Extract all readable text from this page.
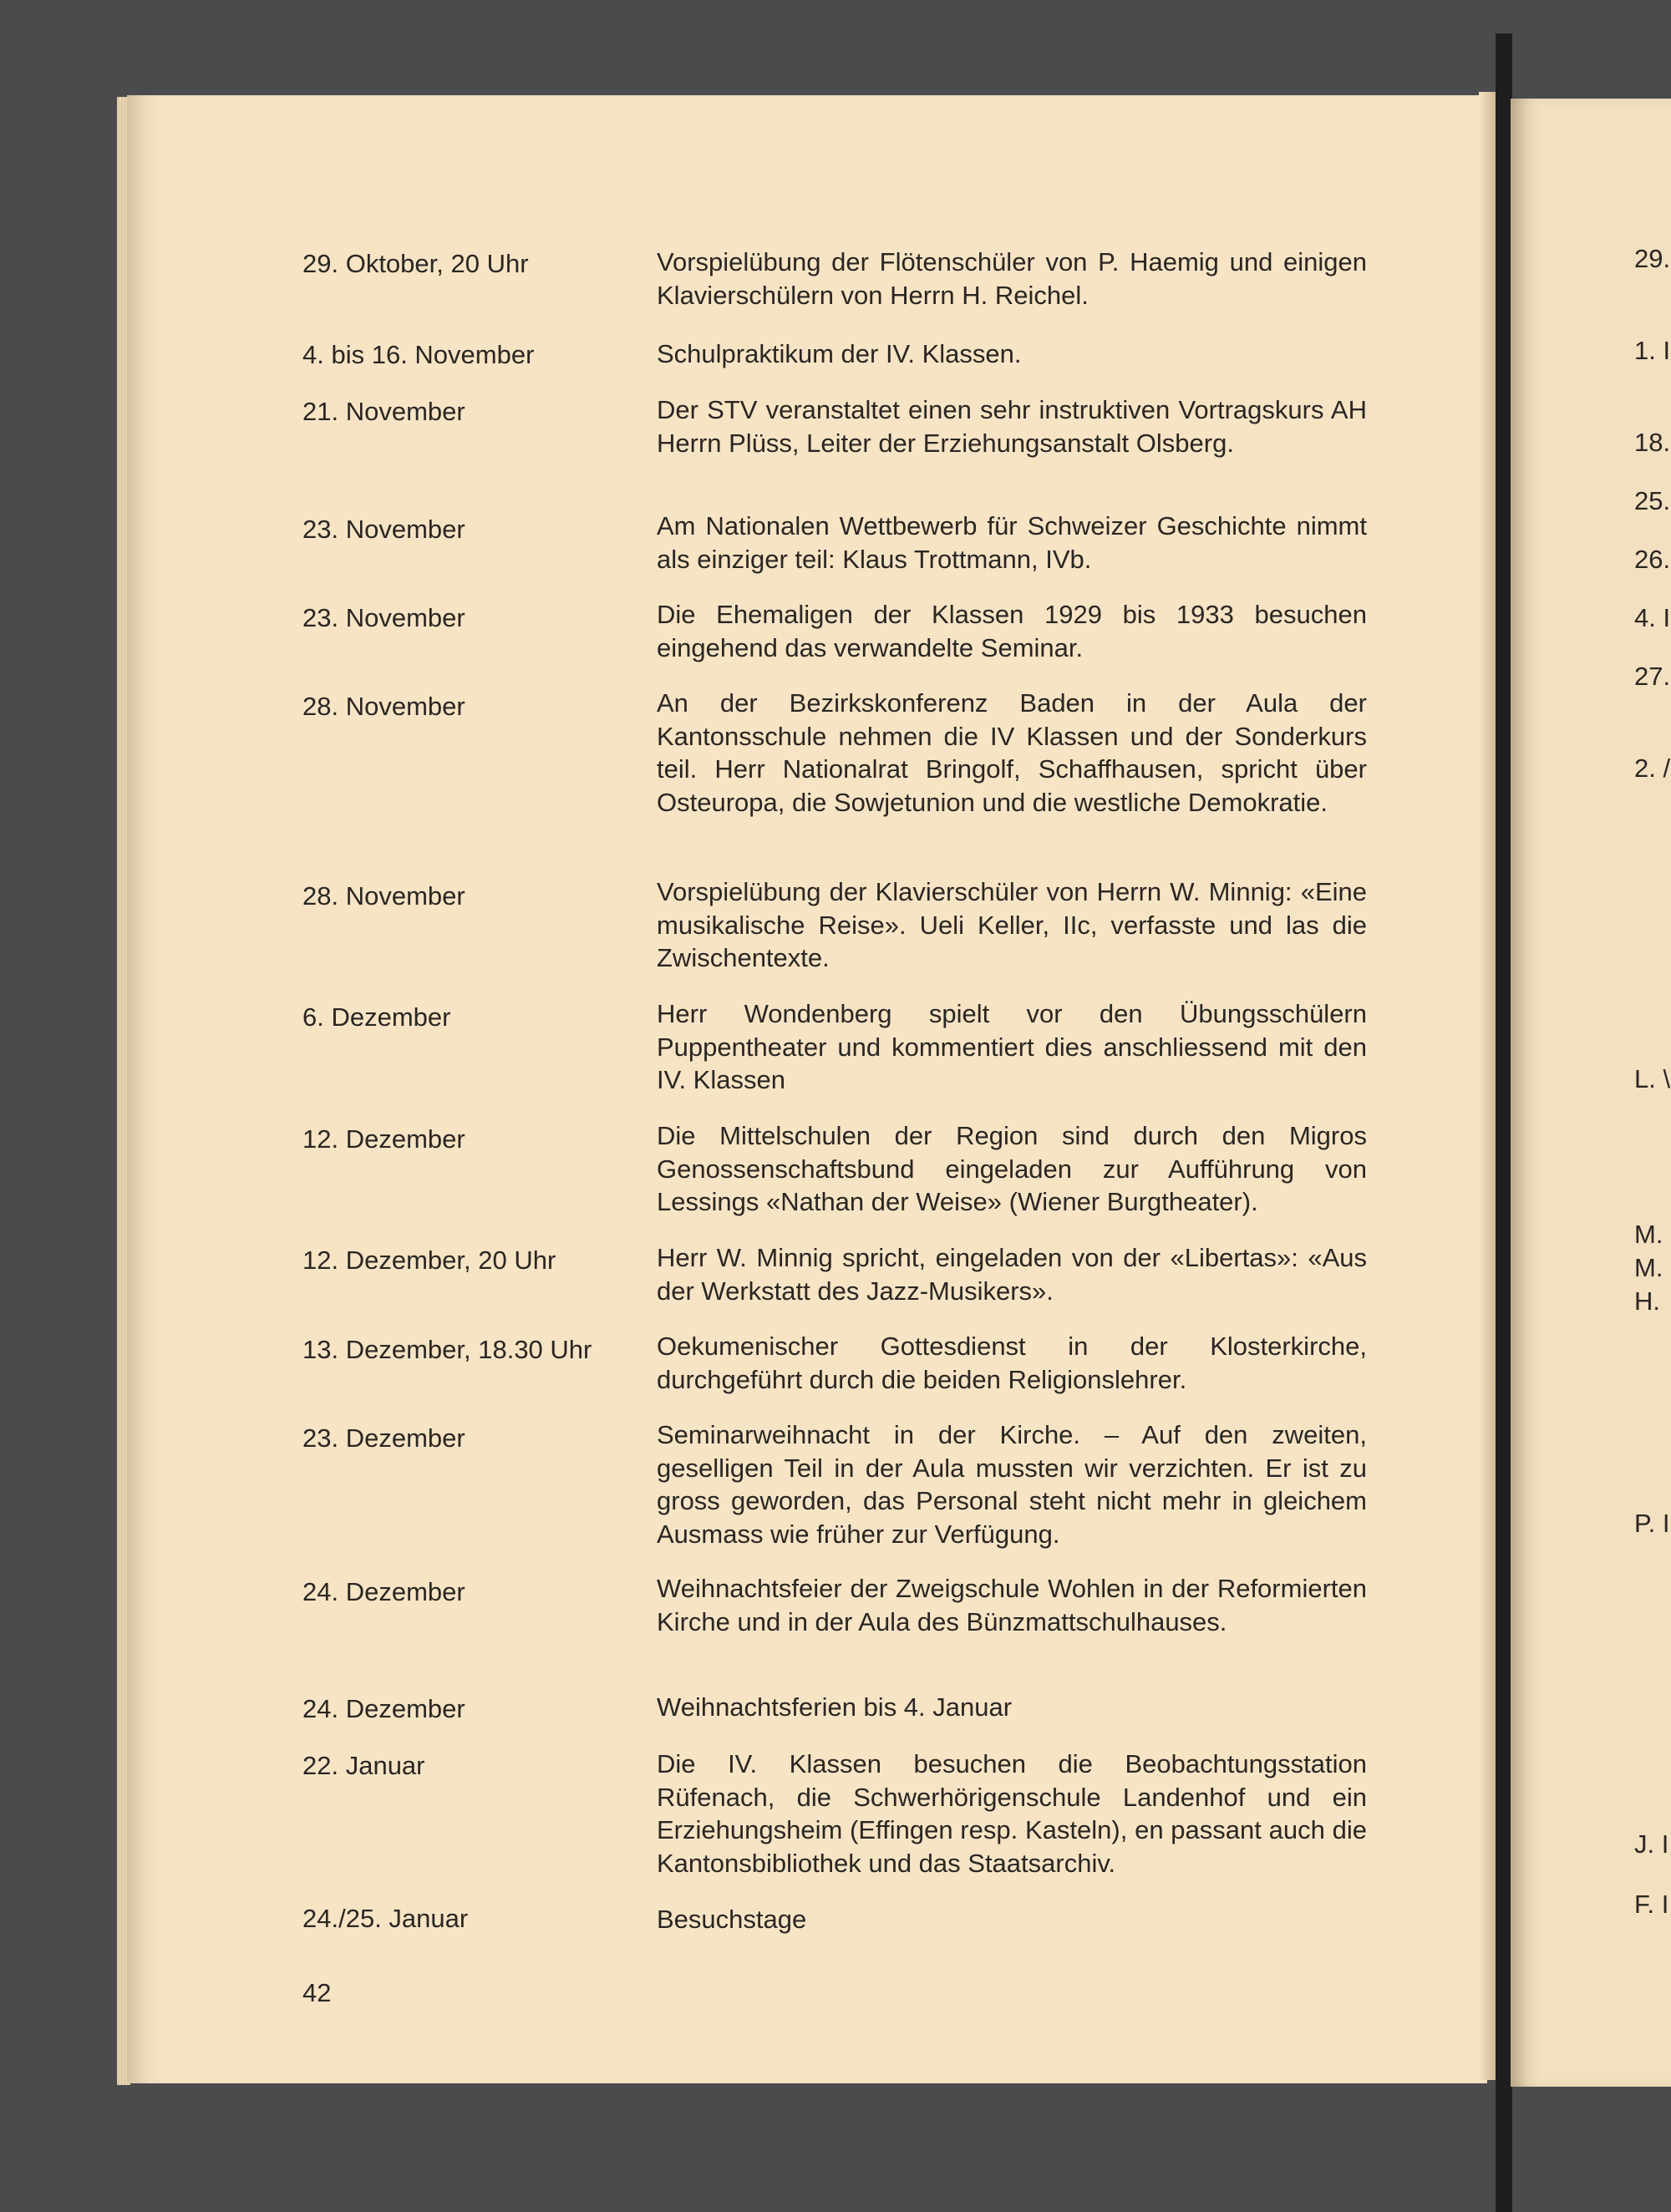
29. Oktober, 20 Uhr	Vorspielübung der Flötenschüler von P. Haemig und einigen Klavierschülern von Herrn H. Reichel.
4. bis 16. November	Schulpraktikum der IV. Klassen.
21. November	Der STV veranstaltet einen sehr instruktiven Vortragskurs AH Herrn Plüss, Leiter der Erziehungsanstalt Olsberg.
23. November	Am Nationalen Wettbewerb für Schweizer Geschichte nimmt als einziger teil: Klaus Trottmann, IVb.
23. November	Die Ehemaligen der Klassen 1929 bis 1933 besuchen eingehend das verwandelte Seminar.
28. November	An der Bezirkskonferenz Baden in der Aula der Kantonsschule nehmen die IV Klassen und der Sonderkurs teil. Herr Nationalrat Bringolf, Schaffhausen, spricht über Osteuropa, die Sowjetunion und die westliche Demokratie.
28. November	Vorspielübung der Klavierschüler von Herrn W. Minnig: «Eine musikalische Reise». Ueli Keller, IIc, verfasste und las die Zwischentexte.
6. Dezember	Herr Wondenberg spielt vor den Übungsschülern Puppentheater und kommentiert dies anschliessend mit den IV. Klassen
12. Dezember	Die Mittelschulen der Region sind durch den Migros Genossenschaftsbund eingeladen zur Aufführung von Lessings «Nathan der Weise» (Wiener Burgtheater).
12. Dezember, 20 Uhr	Herr W. Minnig spricht, eingeladen von der «Libertas»: «Aus der Werkstatt des Jazz-Musikers».
13. Dezember, 18.30 Uhr	Oekumenischer Gottesdienst in der Klosterkirche, durchgeführt durch die beiden Religionslehrer.
23. Dezember	Seminarweihnacht in der Kirche. – Auf den zweiten, geselligen Teil in der Aula mussten wir verzichten. Er ist zu gross geworden, das Personal steht nicht mehr in gleichem Ausmass wie früher zur Verfügung.
24. Dezember	Weihnachtsfeier der Zweigschule Wohlen in der Reformierten Kirche und in der Aula des Bünzmattschulhauses.
24. Dezember	Weihnachtsferien bis 4. Januar
22. Januar	Die IV. Klassen besuchen die Beobachtungsstation Rüfenach, die Schwerhörigenschule Landenhof und ein Erziehungsheim (Effingen resp. Kasteln), en passant auch die Kantonsbibliothek und das Staatsarchiv.
24./25. Januar	Besuchstage
42
29.
1. I
18.
25.
26.
4. I
27.
2. /
L. \
M.
M.
H.
P. I
J. I
F. I
